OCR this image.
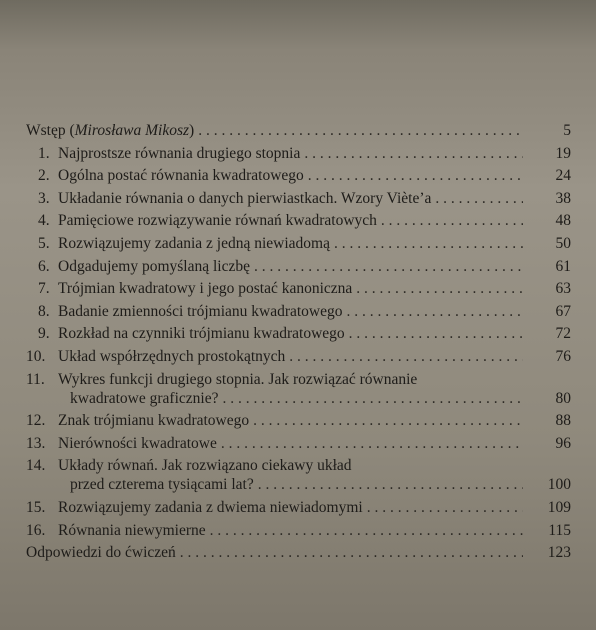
Wstęp (Mirosława Mikosz) . . .	5
1. Najprostsze równania drugiego stopnia . . .	19
2. Ogólna postać równania kwadratowego . . .	24
3. Układanie równania o danych pierwiastkach. Wzory Viète’a . . .	38
4. Pamięciowe rozwiązywanie równań kwadratowych . . .	48
5. Rozwiązujemy zadania z jedną niewiadomą . . .	50
6. Odgadujemy pomyślaną liczbę . . .	61
7. Trójmian kwadratowy i jego postać kanoniczna . . .	63
8. Badanie zmienności trójmianu kwadratowego . . .	67
9. Rozkład na czynniki trójmianu kwadratowego . . .	72
10. Układ współrzędnych prostokątnych . . .	76
11. Wykres funkcji drugiego stopnia. Jak rozwiązać równanie
kwadratowe graficznie? . . .	80
12. Znak trójmianu kwadratowego . . .	88
13. Nierówności kwadratowe . . .	96
14. Układy równań. Jak rozwiązano ciekawy układ
przed czterema tysiącami lat? . . .	100
15. Rozwiązujemy zadania z dwiema niewiadomymi . . .	109
16. Równania niewymierne . . .	115
Odpowiedzi do ćwiczeń . . .	123
